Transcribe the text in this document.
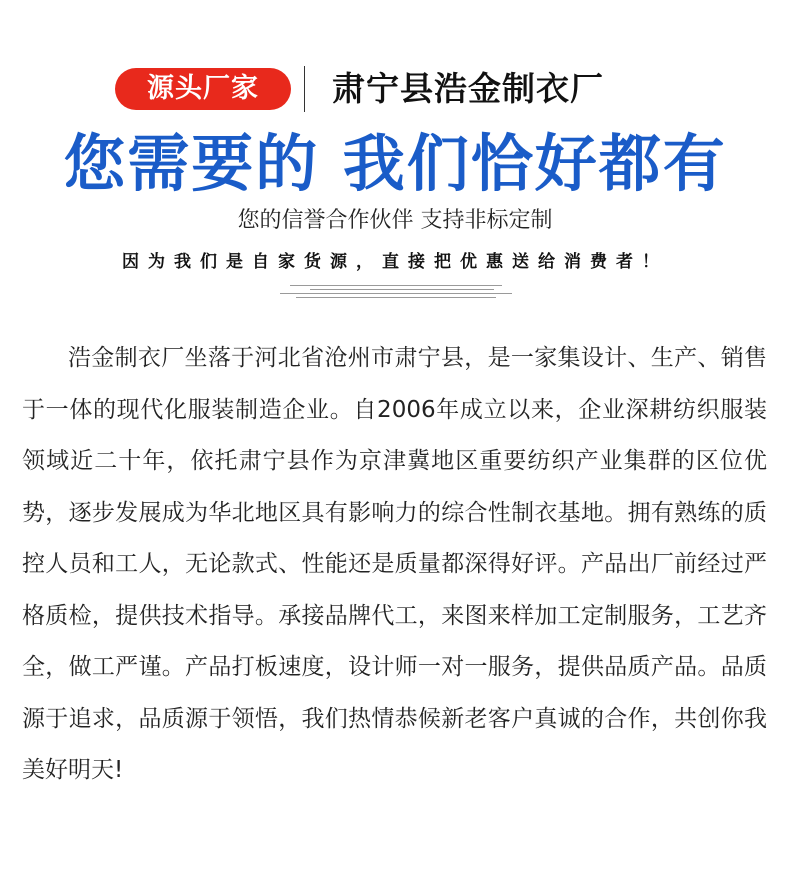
源头厂家	肃宁县浩金制衣厂
您需要的 我们恰好都有
您的信誉合作伙伴 支持非标定制
因为我们是自家货源，直接把优惠送给消费者！

浩金制衣厂坐落于河北省沧州市肃宁县，是一家集设计、生产、销售于一体的现代化服装制造企业。自2006年成立以来，企业深耕纺织服装领域近二十年，依托肃宁县作为京津冀地区重要纺织产业集群的区位优势，逐步发展成为华北地区具有影响力的综合性制衣基地。拥有熟练的质控人员和工人，无论款式、性能还是质量都深得好评。产品出厂前经过严格质检，提供技术指导。承接品牌代工，来图来样加工定制服务，工艺齐全，做工严谨。产品打板速度，设计师一对一服务，提供品质产品。品质源于追求，品质源于领悟，我们热情恭候新老客户真诚的合作，共创你我美好明天!
